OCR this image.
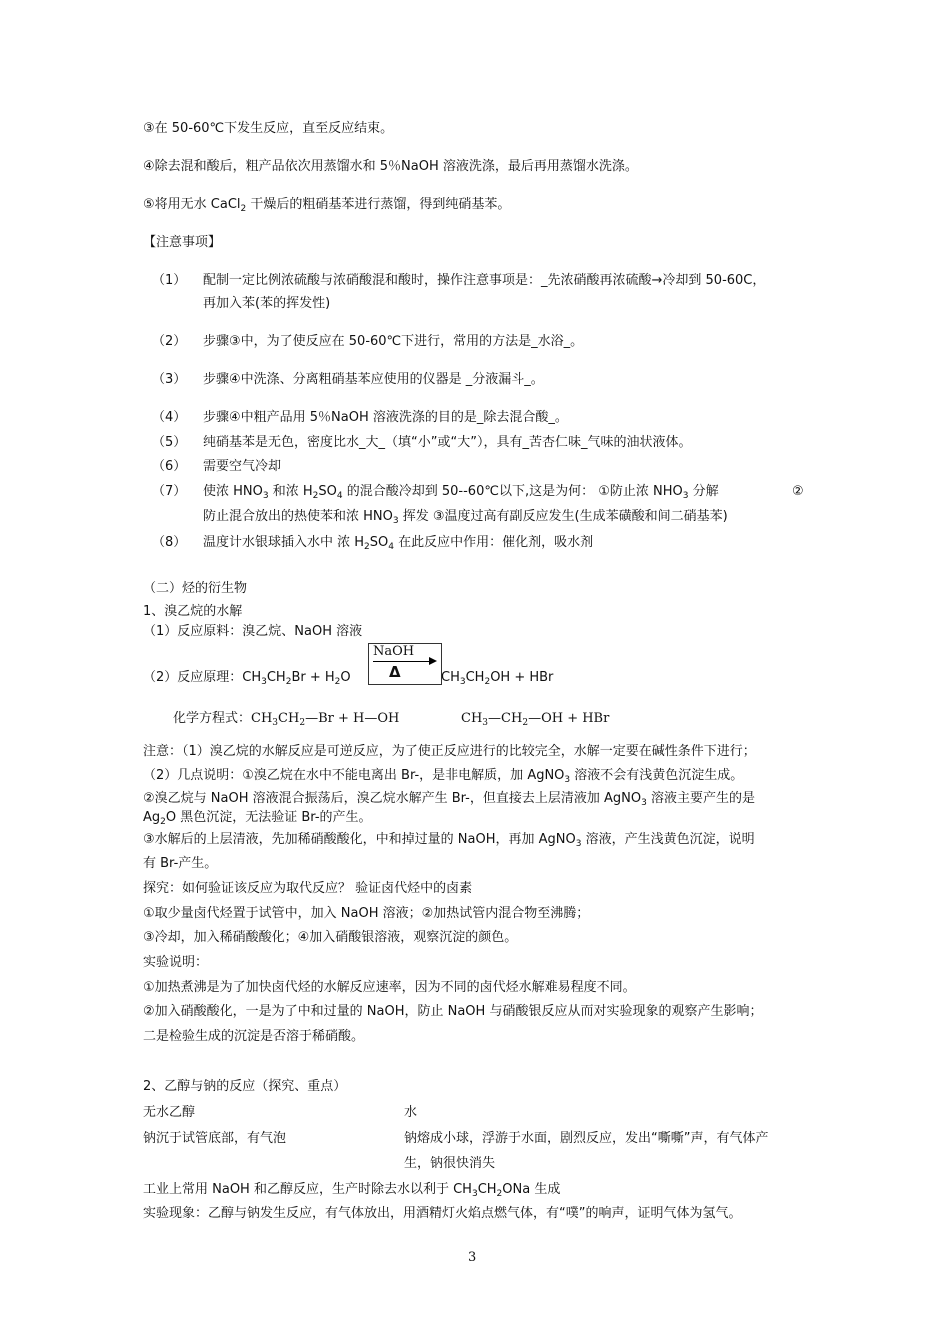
③在 50-60℃下发生反应，直至反应结束。
④除去混和酸后，粗产品依次用蒸馏水和 5％NaOH 溶液洗涤，最后再用蒸馏水洗涤。
⑤将用无水 CaCl$_2$ 干燥后的粗硝基苯进行蒸馏，得到纯硝基苯。
【注意事项】
（1） 配制一定比例浓硫酸与浓硝酸混和酸时，操作注意事项是：_先浓硝酸再浓硫酸→冷却到 50-60C，
再加入苯(苯的挥发性)
（2） 步骤③中，为了使反应在 50-60℃下进行，常用的方法是_水浴_。
（3） 步骤④中洗涤、分离粗硝基苯应使用的仪器是 _分液漏斗_。
（4） 步骤④中粗产品用 5％NaOH 溶液洗涤的目的是_除去混合酸_。
（5） 纯硝基苯是无色，密度比水_大_（填“小”或“大”），具有_苦杏仁味_气味的油状液体。
（6） 需要空气冷却
（7） 使浓 $HNO_3$ 和浓 $H_2SO_4$ 的混合酸冷却到 50--60℃以下,这是为何： ①防止浓 $NHO_3$ 分解	②
防止混合放出的热使苯和浓 $HNO_3$ 挥发 ③温度过高有副反应发生(生成苯磺酸和间二硝基苯)
（8） 温度计水银球插入水中 浓 $H_2SO_4$ 在此反应中作用：催化剂，吸水剂
（二）烃的衍生物
1、溴乙烷的水解
（1）反应原料：溴乙烷、NaOH 溶液
（2）反应原理：$CH_3CH_2Br + H_2O$
NaOH
Δ	$CH_3CH_2OH$ + HBr
化学方程式：$CH_3CH_2—Br$ + H—OH	$CH_3—CH_2—OH$ + HBr
注意：（1）溴乙烷的水解反应是可逆反应，为了使正反应进行的比较完全，水解一定要在碱性条件下进行；
（2）几点说明：①溴乙烷在水中不能电离出 Br-，是非电解质，加 AgNO$_3$ 溶液不会有浅黄色沉淀生成。
②溴乙烷与 NaOH 溶液混合振荡后，溴乙烷水解产生 Br-，但直接去上层清液加 AgNO$_3$ 溶液主要产生的是
$Ag_2O$ 黑色沉淀，无法验证 Br-的产生。
③水解后的上层清液，先加稀硝酸酸化，中和掉过量的 NaOH，再加 AgNO$_3$ 溶液，产生浅黄色沉淀，说明
有 Br-产生。
探究：如何验证该反应为取代反应？ 验证卤代烃中的卤素
①取少量卤代烃置于试管中，加入 NaOH 溶液；②加热试管内混合物至沸腾；
③冷却，加入稀硝酸酸化；④加入硝酸银溶液，观察沉淀的颜色。
实验说明：
①加热煮沸是为了加快卤代烃的水解反应速率，因为不同的卤代烃水解难易程度不同。
②加入硝酸酸化，一是为了中和过量的 NaOH，防止 NaOH 与硝酸银反应从而对实验现象的观察产生影响；
二是检验生成的沉淀是否溶于稀硝酸。
2、乙醇与钠的反应（探究、重点）
无水乙醇	水
钠沉于试管底部，有气泡	钠熔成小球，浮游于水面，剧烈反应，发出“嘶嘶”声，有气体产
生，钠很快消失
工业上常用 NaOH 和乙醇反应，生产时除去水以利于 $CH_3CH_2ONa$ 生成
实验现象：乙醇与钠发生反应，有气体放出，用酒精灯火焰点燃气体，有“噗”的响声，证明气体为氢气。
3
